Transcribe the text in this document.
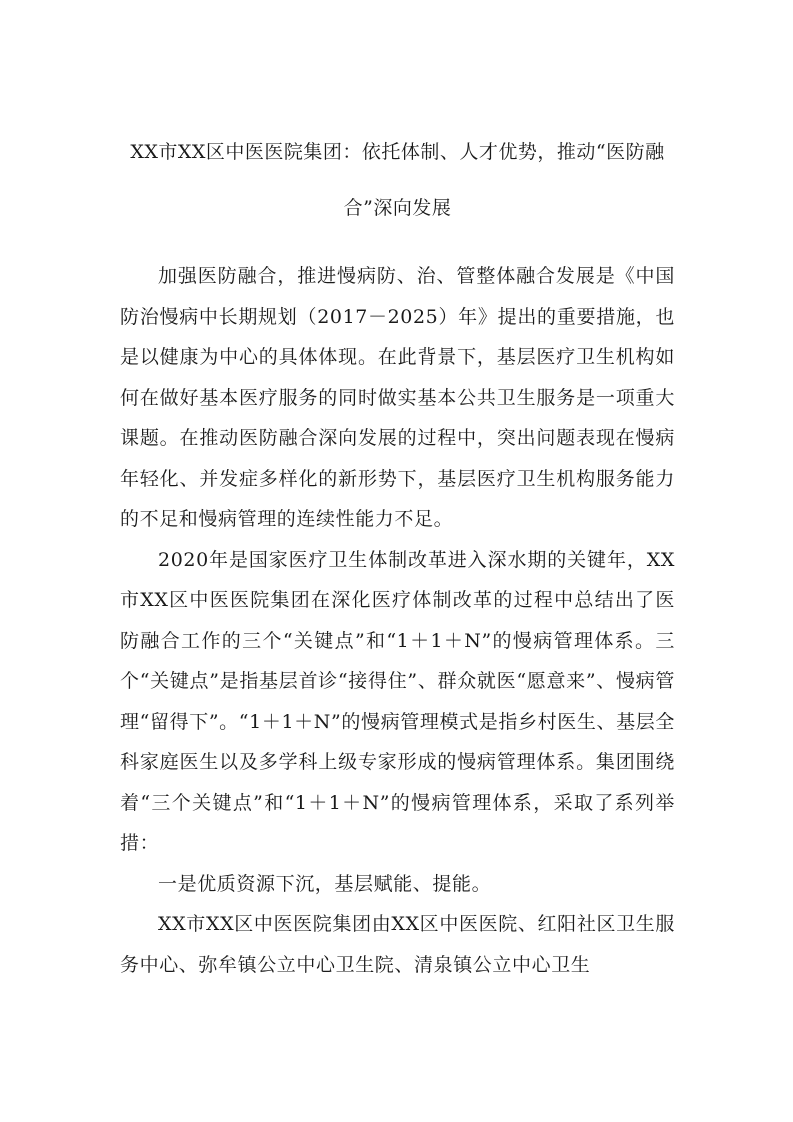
XX市XX区中医医院集团：依托体制、人才优势，推动“医防融合”深向发展

加强医防融合，推进慢病防、治、管整体融合发展是《中国防治慢病中长期规划（2017－2025）年》提出的重要措施，也是以健康为中心的具体体现。在此背景下，基层医疗卫生机构如何在做好基本医疗服务的同时做实基本公共卫生服务是一项重大课题。在推动医防融合深向发展的过程中，突出问题表现在慢病年轻化、并发症多样化的新形势下，基层医疗卫生机构服务能力的不足和慢病管理的连续性能力不足。

2020年是国家医疗卫生体制改革进入深水期的关键年，XX市XX区中医医院集团在深化医疗体制改革的过程中总结出了医防融合工作的三个“关键点”和“1＋1＋N”的慢病管理体系。三个“关键点”是指基层首诊“接得住”、群众就医“愿意来”、慢病管理“留得下”。“1＋1＋N”的慢病管理模式是指乡村医生、基层全科家庭医生以及多学科上级专家形成的慢病管理体系。集团围绕着“三个关键点”和“1＋1＋N”的慢病管理体系，采取了系列举措：

一是优质资源下沉，基层赋能、提能。

XX市XX区中医医院集团由XX区中医医院、红阳社区卫生服务中心、弥牟镇公立中心卫生院、清泉镇公立中心卫生
